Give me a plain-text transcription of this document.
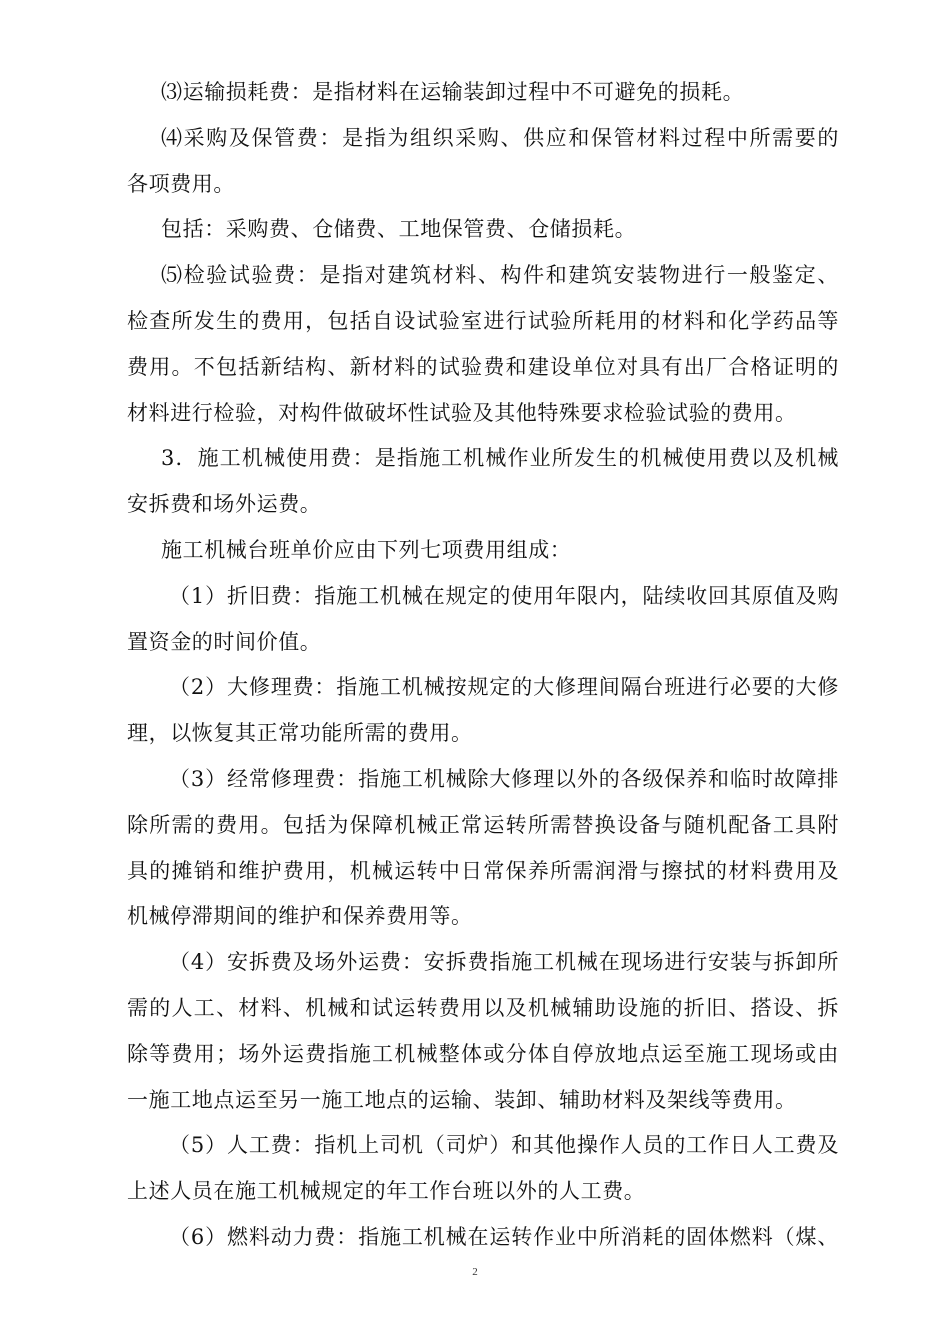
⑶运输损耗费：是指材料在运输装卸过程中不可避免的损耗。
⑷采购及保管费：是指为组织采购、供应和保管材料过程中所需要的
各项费用。
包括：采购费、仓储费、工地保管费、仓储损耗。
⑸检验试验费：是指对建筑材料、构件和建筑安装物进行一般鉴定、
检查所发生的费用，包括自设试验室进行试验所耗用的材料和化学药品等
费用。不包括新结构、新材料的试验费和建设单位对具有出厂合格证明的
材料进行检验，对构件做破坏性试验及其他特殊要求检验试验的费用。
3．施工机械使用费：是指施工机械作业所发生的机械使用费以及机械
安拆费和场外运费。
施工机械台班单价应由下列七项费用组成：
（1）折旧费：指施工机械在规定的使用年限内，陆续收回其原值及购
置资金的时间价值。
（2）大修理费：指施工机械按规定的大修理间隔台班进行必要的大修
理，以恢复其正常功能所需的费用。
（3）经常修理费：指施工机械除大修理以外的各级保养和临时故障排
除所需的费用。包括为保障机械正常运转所需替换设备与随机配备工具附
具的摊销和维护费用，机械运转中日常保养所需润滑与擦拭的材料费用及
机械停滞期间的维护和保养费用等。
（4）安拆费及场外运费：安拆费指施工机械在现场进行安装与拆卸所
需的人工、材料、机械和试运转费用以及机械辅助设施的折旧、搭设、拆
除等费用；场外运费指施工机械整体或分体自停放地点运至施工现场或由
一施工地点运至另一施工地点的运输、装卸、辅助材料及架线等费用。
（5）人工费：指机上司机（司炉）和其他操作人员的工作日人工费及
上述人员在施工机械规定的年工作台班以外的人工费。
（6）燃料动力费：指施工机械在运转作业中所消耗的固体燃料（煤、
2
